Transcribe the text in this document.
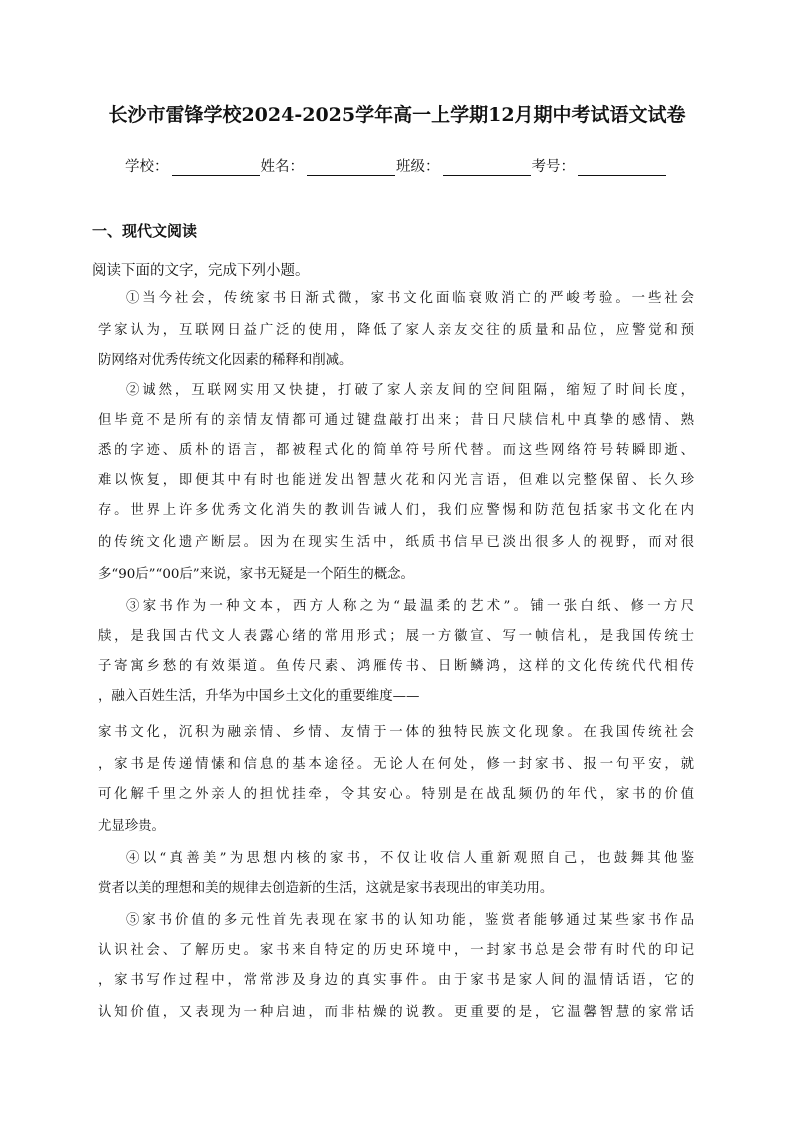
长沙市雷锋学校2024-2025学年高一上学期12月期中考试语文试卷
学校：	姓名：	班级：	考号：
一、现代文阅读
阅读下面的文字，完成下列小题。
①当今社会，传统家书日渐式微，家书文化面临衰败消亡的严峻考验。一些社会
学家认为，互联网日益广泛的使用，降低了家人亲友交往的质量和品位，应警觉和预
防网络对优秀传统文化因素的稀释和削减。
②诚然，互联网实用又快捷，打破了家人亲友间的空间阻隔，缩短了时间长度，
但毕竟不是所有的亲情友情都可通过键盘敲打出来；昔日尺牍信札中真挚的感情、熟
悉的字迹、质朴的语言，都被程式化的简单符号所代替。而这些网络符号转瞬即逝、
难以恢复，即便其中有时也能迸发出智慧火花和闪光言语，但难以完整保留、长久珍
存。世界上许多优秀文化消失的教训告诫人们，我们应警惕和防范包括家书文化在内
的传统文化遗产断层。因为在现实生活中，纸质书信早已淡出很多人的视野，而对很
多“90后”“00后”来说，家书无疑是一个陌生的概念。
③家书作为一种文本，西方人称之为“最温柔的艺术”。铺一张白纸、修一方尺
牍，是我国古代文人表露心绪的常用形式；展一方徽宣、写一帧信札，是我国传统士
子寄寓乡愁的有效渠道。鱼传尺素、鸿雁传书、日断鳞鸿，这样的文化传统代代相传
，融入百姓生活，升华为中国乡土文化的重要维度——
家书文化，沉积为融亲情、乡情、友情于一体的独特民族文化现象。在我国传统社会
，家书是传递情愫和信息的基本途径。无论人在何处，修一封家书、报一句平安，就
可化解千里之外亲人的担忧挂牵，令其安心。特别是在战乱频仍的年代，家书的价值
尤显珍贵。
④以“真善美”为思想内核的家书，不仅让收信人重新观照自己，也鼓舞其他鉴
赏者以美的理想和美的规律去创造新的生活，这就是家书表现出的审美功用。
⑤家书价值的多元性首先表现在家书的认知功能，鉴赏者能够通过某些家书作品
认识社会、了解历史。家书来自特定的历史环境中，一封家书总是会带有时代的印记
，家书写作过程中，常常涉及身边的真实事件。由于家书是家人间的温情话语，它的
认知价值，又表现为一种启迪，而非枯燥的说教。更重要的是，它温馨智慧的家常话
